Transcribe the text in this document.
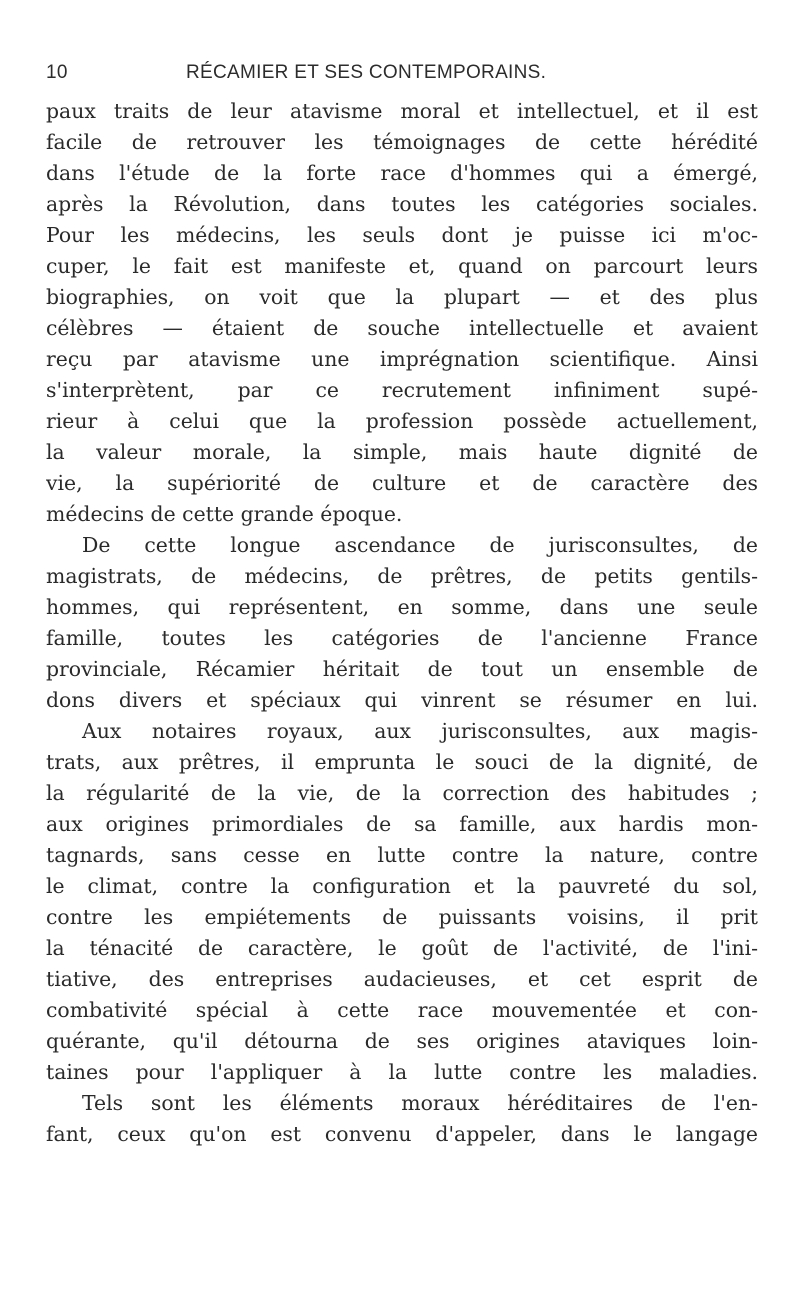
10	RÉCAMIER ET SES CONTEMPORAINS.
paux traits de leur atavisme moral et intellectuel, et il est
facile de retrouver les témoignages de cette hérédité
dans l'étude de la forte race d'hommes qui a émergé,
après la Révolution, dans toutes les catégories sociales.
Pour les médecins, les seuls dont je puisse ici m'oc-
cuper, le fait est manifeste et, quand on parcourt leurs
biographies, on voit que la plupart — et des plus
célèbres — étaient de souche intellectuelle et avaient
reçu par atavisme une imprégnation scientifique. Ainsi
s'interprètent, par ce recrutement infiniment supé-
rieur à celui que la profession possède actuellement,
la valeur morale, la simple, mais haute dignité de
vie, la supériorité de culture et de caractère des
médecins de cette grande époque.
De cette longue ascendance de jurisconsultes, de
magistrats, de médecins, de prêtres, de petits gentils-
hommes, qui représentent, en somme, dans une seule
famille, toutes les catégories de l'ancienne France
provinciale, Récamier héritait de tout un ensemble de
dons divers et spéciaux qui vinrent se résumer en lui.
Aux notaires royaux, aux jurisconsultes, aux magis-
trats, aux prêtres, il emprunta le souci de la dignité, de
la régularité de la vie, de la correction des habitudes ;
aux origines primordiales de sa famille, aux hardis mon-
tagnards, sans cesse en lutte contre la nature, contre
le climat, contre la configuration et la pauvreté du sol,
contre les empiétements de puissants voisins, il prit
la ténacité de caractère, le goût de l'activité, de l'ini-
tiative, des entreprises audacieuses, et cet esprit de
combativité spécial à cette race mouvementée et con-
quérante, qu'il détourna de ses origines ataviques loin-
taines pour l'appliquer à la lutte contre les maladies.
Tels sont les éléments moraux héréditaires de l'en-
fant, ceux qu'on est convenu d'appeler, dans le langage
